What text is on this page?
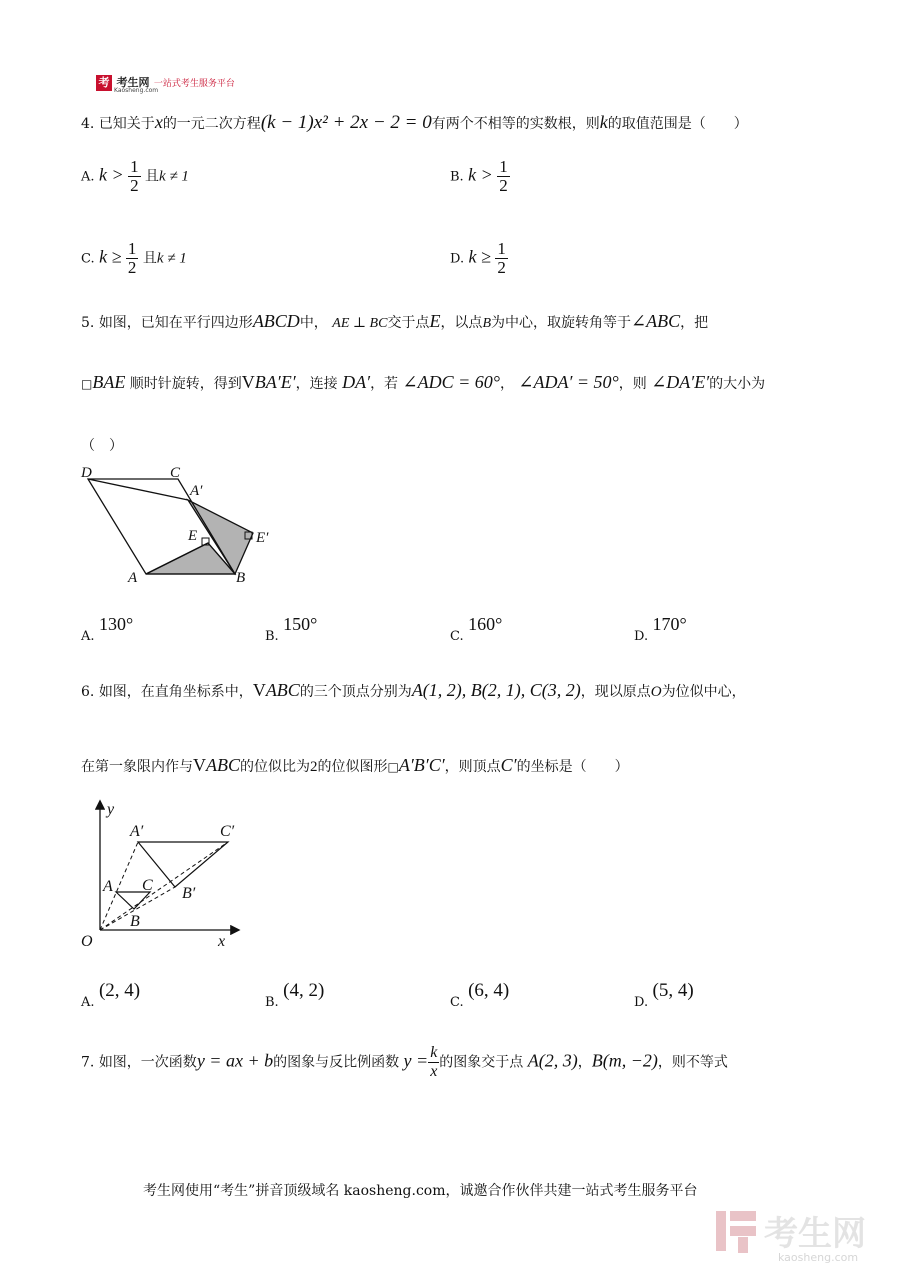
考 考生网 一站式考生服务平台
Kaosheng.com
4. 已知关于x的一元二次方程(k − 1)x² + 2x − 2 = 0有两个不相等的实数根，则k的取值范围是（　　）
A. $k > \frac{1}{2}$ 且k ≠ 1	B. $k > \frac{1}{2}$
C. $k \ge \frac{1}{2}$ 且k ≠ 1	D. $k \ge \frac{1}{2}$
5. 如图，已知在平行四边形ABCD中， AE ⊥ BC交于点E，以点B为中心，取旋转角等于∠ABC，把
□BAE 顺时针旋转，得到VBA′E′，连接 DA′，若 ∠ADC = 60°， ∠ADA′ = 50°，则 ∠DA′E′的大小为
（　）
D	C
A′
E	E′
A	B
A. 130°
B. 150°
C. 160°
D. 170°
6. 如图，在直角坐标系中，VABC的三个顶点分别为A(1, 2), B(2, 1), C(3, 2)，现以原点O为位似中心，
在第一象限内作与VABC的位似比为2的位似图形□A′B′C′，则顶点C′的坐标是（　　）
y
x
O
A
B
C
A′
B′
C′
A. (2, 4)
B. (4, 2)
C. (6, 4)
D. (5, 4)
7. 如图，一次函数y = ax + b的图象与反比例函数 $y = \frac{k}{x}$ 的图象交于点 A(2, 3)，B(m, −2)，则不等式
考生网使用“考生”拼音顶级域名 kaosheng.com，诚邀合作伙伴共建一站式考生服务平台
考生网
kaosheng.com
